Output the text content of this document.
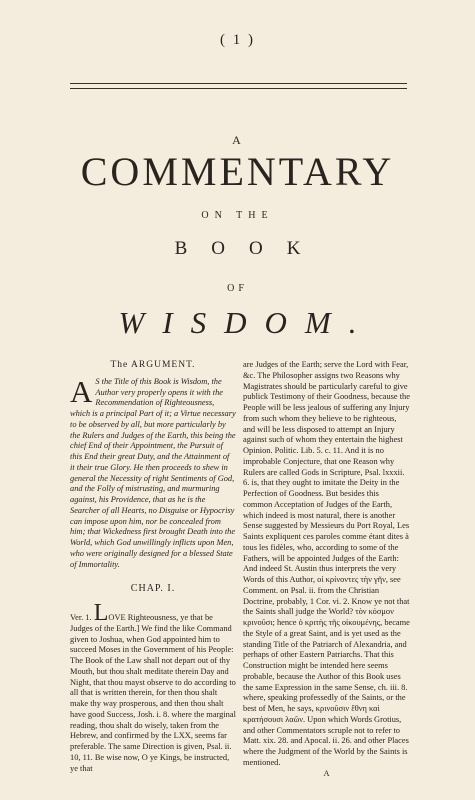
( 1 )
A
COMMENTARY
ON THE
BOOK
OF
WISDOM.
The ARGUMENT.

A S the Title of this Book is Wisdom, the Author very properly opens it with the Recommendation of Righteousness, which is a principal Part of it; a Virtue necessary to be observed by all, but more particularly by the Rulers and Judges of the Earth, this being the chief End of their Appointment, the Pursuit of this End their great Duty, and the Attainment of it their true Glory. He then proceeds to shew in general the Necessity of right Sentiments of God, and the Folly of mistrusting, and murmuring against, his Providence, that as he is the Searcher of all Hearts, no Disguise or Hypocrisy can impose upon him, nor be concealed from him; that Wickedness first brought Death into the World, which God unwillingly inflicts upon Men, who were originally designed for a blessed State of Immortality.

CHAP. I.

Ver. 1. LOVE Righteousness, ye that be Judges of the Earth.] We find the like Command given to Joshua, when God appointed him to succeed Moses in the Government of his People: The Book of the Law shall not depart out of thy Mouth, but thou shalt meditate therein Day and Night, that thou mayst observe to do according to all that is written therein, for then thou shalt make thy way prosperous, and then thou shalt have good Success, Josh. i. 8. where the marginal reading, thou shalt do wisely, taken from the Hebrew, and confirmed by the LXX, seems far preferable. The same Direction is given, Psal. ii. 10, 11. Be wise now, O ye Kings, be instructed, ye that

are Judges of the Earth; serve the Lord with Fear, &c. The Philosopher assigns two Reasons why Magistrates should be particularly careful to give publick Testimony of their Goodness, because the People will be less jealous of suffering any Injury from such whom they believe to be righteous, and will be less disposed to attempt an Injury against such of whom they entertain the highest Opinion. Politic. Lib. 5. c. 11. And it is no improbable Conjecture, that one Reason why Rulers are called Gods in Scripture, Psal. lxxxii. 6. is, that they ought to imitate the Deity in the Perfection of Goodness. But besides this common Acceptation of Judges of the Earth, which indeed is most natural, there is another Sense suggested by Messieurs du Port Royal, Les Saints expliquent ces paroles comme étant dites à tous les fidèles, who, according to some of the Fathers, will be appointed Judges of the Earth: And indeed St. Austin thus interprets the very Words of this Author, οἱ κρίνοντες τὴν γῆν, see Comment. on Psal. ii. from the Christian Doctrine, probably, 1 Cor. vi. 2. Know ye not that the Saints shall judge the World? τὸν κόσμον κρινοῦσι; hence ὁ κριτὴς τῆς οἰκουμένης, became the Style of a great Saint, and is yet used as the standing Title of the Patriarch of Alexandria, and perhaps of other Eastern Patriarchs. That this Construction might be intended here seems probable, because the Author of this Book uses the same Expression in the same Sense, ch. iii. 8. where, speaking professedly of the Saints, or the best of Men, he says, κρινοῦσιν ἔθνη καὶ κρατήσουσι λαῶν. Upon which Words Grotius, and other Commentators scruple not to refer to Matt. xix. 28. and Apocal. ii. 26. and other Places where the Judgment of the World by the Saints is mentioned.

A
